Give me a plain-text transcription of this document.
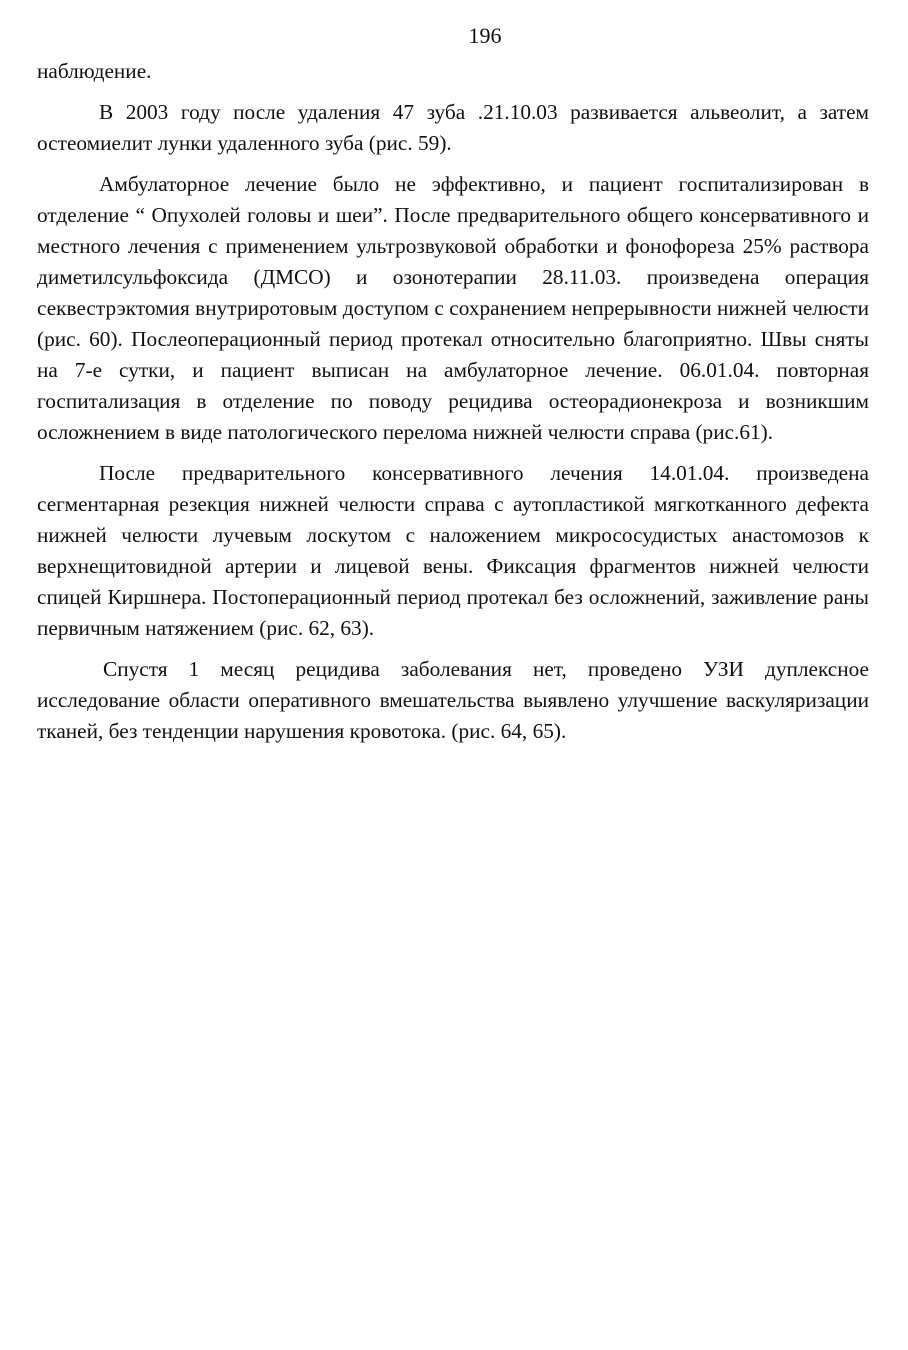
196

наблюдение.

В 2003 году после удаления 47 зуба .21.10.03 развивается альвеолит, а затем остеомиелит лунки удаленного зуба (рис. 59).

Амбулаторное лечение было не эффективно, и пациент госпитализирован в отделение “ Опухолей головы и шеи”. После предварительного общего консервативного и местного лечения с применением ультрозвуковой обработки и фонофореза 25% раствора диметилсульфоксида (ДМСО) и озонотерапии 28.11.03. произведена операция секвестрэктомия внутриротовым доступом с сохранением непрерывности нижней челюсти (рис. 60). Послеоперационный период протекал относительно благоприятно. Швы сняты на 7-е сутки, и пациент выписан на амбулаторное лечение. 06.01.04. повторная госпитализация в отделение по поводу рецидива остеорадионекроза и возникшим осложнением в виде патологического перелома нижней челюсти справа (рис.61).

После предварительного консервативного лечения 14.01.04. произведена сегментарная резекция нижней челюсти справа с аутопластикой мягкотканного дефекта нижней челюсти лучевым лоскутом с наложением микрососудистых анастомозов к верхнещитовидной артерии и лицевой вены. Фиксация фрагментов нижней челюсти спицей Киршнера. Постоперационный период протекал без осложнений, заживление раны первичным натяжением (рис. 62, 63).

Спустя 1 месяц рецидива заболевания нет, проведено УЗИ дуплексное исследование области оперативного вмешательства выявлено улучшение васкуляризации тканей, без тенденции нарушения кровотока. (рис. 64, 65).
